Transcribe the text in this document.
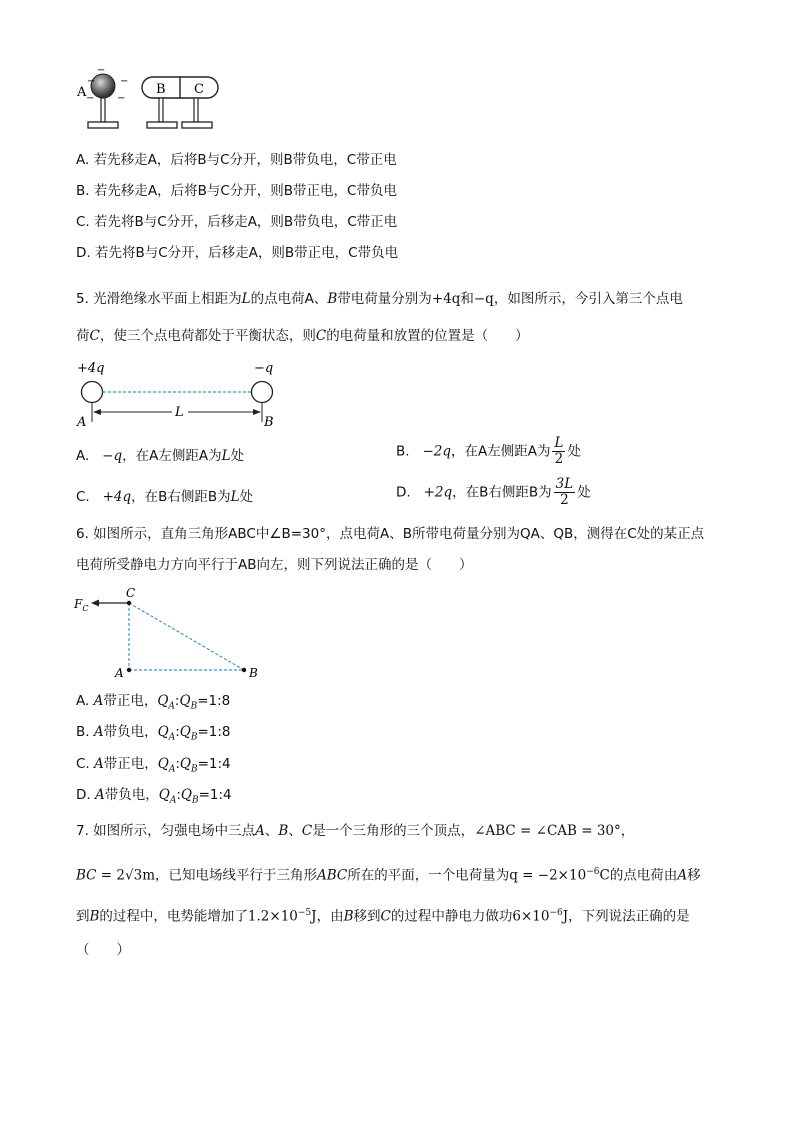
A
−
−
−
− −
B C
A. 若先移走A，后将B与C分开，则B带负电，C带正电
B. 若先移走A，后将B与C分开，则B带正电，C带负电
C. 若先将B与C分开，后移走A，则B带负电，C带正电
D. 若先将B与C分开，后移走A，则B带正电，C带负电
5. 光滑绝缘水平面上相距为L的点电荷A、B带电荷量分别为+4q和−q，如图所示，今引入第三个点电
荷C，使三个点电荷都处于平衡状态，则C的电荷量和放置的位置是（　　）
+4q	−q
L
A	B
A. −q，在A左侧距A为L处	B. −2q，在A左侧距A为 $\frac{L}{2}$ 处
C. +4q，在B右侧距B为L处	D. +2q，在B右侧距B为 $\frac{3L}{2}$ 处
6. 如图所示，直角三角形ABC中∠B=30°，点电荷A、B所带电荷量分别为QA、QB，测得在C处的某正点
电荷所受静电力方向平行于AB向左，则下列说法正确的是（　　）
$F_C$
C
A	B
A. A带正电，$Q_A:Q_B=1:8$
B. A带负电，$Q_A:Q_B=1:8$
C. A带正电，$Q_A:Q_B=1:4$
D. A带负电，$Q_A:Q_B=1:4$
7. 如图所示，匀强电场中三点A、B、C是一个三角形的三个顶点，∠ABC = ∠CAB = 30°，
BC = 2√3m，已知电场线平行于三角形ABC所在的平面，一个电荷量为$q = -2\times 10^{-6}C$的点电荷由A移
到B的过程中，电势能增加了$1.2\times 10^{-5}J$，由B移到C的过程中静电力做功$6\times 10^{-6}J$，下列说法正确的是
（　　）
